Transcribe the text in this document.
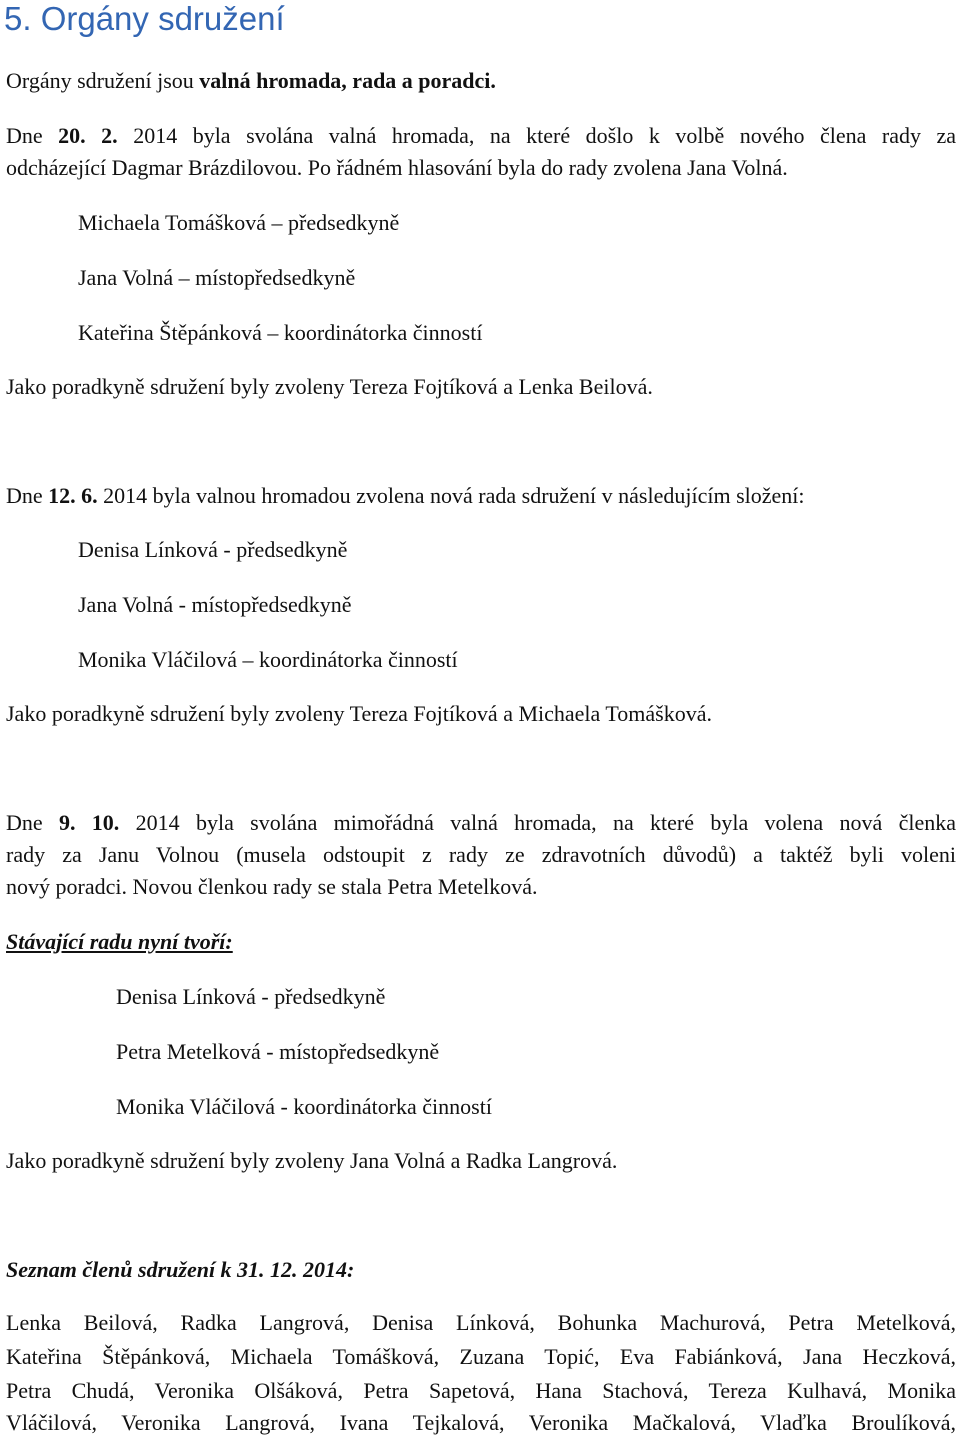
5. Orgány sdružení
Orgány sdružení jsou valná hromada, rada a poradci.
Dne 20. 2. 2014 byla svolána valná hromada, na které došlo k volbě nového člena rady za
odcházející Dagmar Brázdilovou. Po řádném hlasování byla do rady zvolena Jana Volná.
Michaela Tomášková – předsedkyně
Jana Volná – místopředsedkyně
Kateřina Štěpánková – koordinátorka činností
Jako poradkyně sdružení byly zvoleny Tereza Fojtíková a Lenka Beilová.
Dne 12. 6. 2014 byla valnou hromadou zvolena nová rada sdružení v následujícím složení:
Denisa Línková - předsedkyně
Jana Volná - místopředsedkyně
Monika Vláčilová – koordinátorka činností
Jako poradkyně sdružení byly zvoleny Tereza Fojtíková a Michaela Tomášková.
Dne 9. 10. 2014 byla svolána mimořádná valná hromada, na které byla volena nová členka
rady za Janu Volnou (musela odstoupit z rady ze zdravotních důvodů) a taktéž byli voleni
nový poradci. Novou členkou rady se stala Petra Metelková.
Stávající radu nyní tvoří:
Denisa Línková - předsedkyně
Petra Metelková - místopředsedkyně
Monika Vláčilová - koordinátorka činností
Jako poradkyně sdružení byly zvoleny Jana Volná a Radka Langrová.
Seznam členů sdružení k 31. 12. 2014:
Lenka Beilová, Radka Langrová, Denisa Línková, Bohunka Machurová, Petra Metelková,
Kateřina Štěpánková, Michaela Tomášková, Zuzana Topić, Eva Fabiánková, Jana Heczková,
Petra Chudá, Veronika Olšáková, Petra Sapetová, Hana Stachová, Tereza Kulhavá, Monika
Vláčilová, Veronika Langrová, Ivana Tejkalová, Veronika Mačkalová, Vlaďka Broulíková,
